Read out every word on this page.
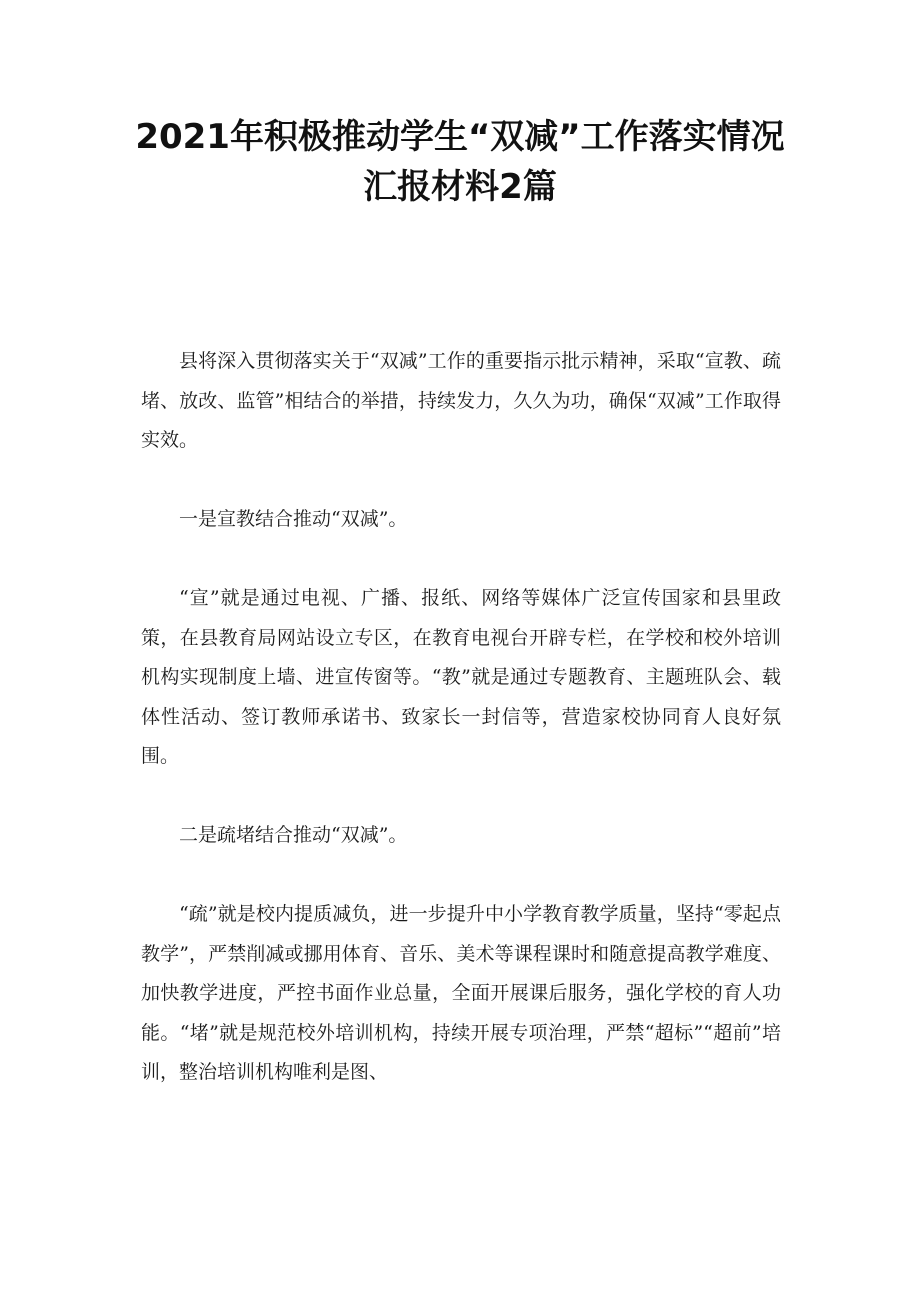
2021年积极推动学生“双减”工作落实情况
汇报材料2篇

县将深入贯彻落实关于“双减”工作的重要指示批示精神，采取“宣教、疏堵、放改、监管”相结合的举措，持续发力，久久为功，确保“双减”工作取得实效。

一是宣教结合推动“双减”。

“宣”就是通过电视、广播、报纸、网络等媒体广泛宣传国家和县里政策，在县教育局网站设立专区，在教育电视台开辟专栏，在学校和校外培训机构实现制度上墙、进宣传窗等。“教”就是通过专题教育、主题班队会、载体性活动、签订教师承诺书、致家长一封信等，营造家校协同育人良好氛围。

二是疏堵结合推动“双减”。

“疏”就是校内提质减负，进一步提升中小学教育教学质量，坚持“零起点教学”，严禁削减或挪用体育、音乐、美术等课程课时和随意提高教学难度、加快教学进度，严控书面作业总量，全面开展课后服务，强化学校的育人功能。“堵”就是规范校外培训机构，持续开展专项治理，严禁“超标”“超前”培训，整治培训机构唯利是图、
